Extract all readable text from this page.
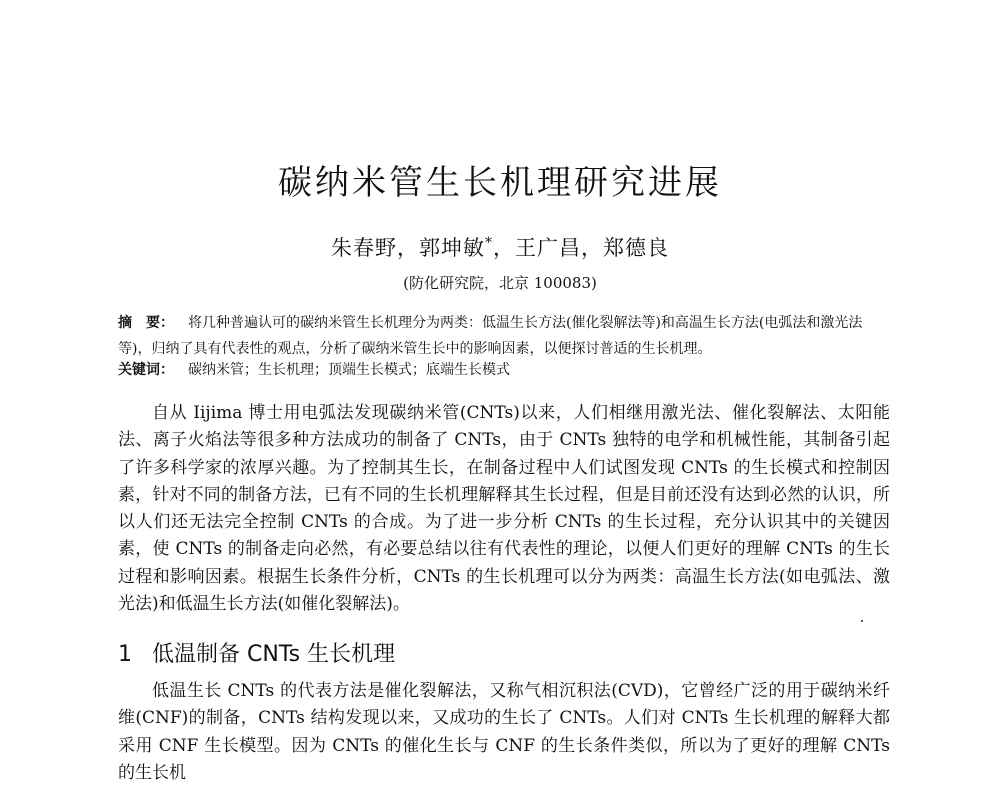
碳纳米管生长机理研究进展
朱春野，郭坤敏*，王广昌，郑德良
(防化研究院，北京 100083)
摘　要： 将几种普遍认可的碳纳米管生长机理分为两类：低温生长方法(催化裂解法等)和高温生长方法(电弧法和激光法等)，归纳了具有代表性的观点，分析了碳纳米管生长中的影响因素，以便探讨普适的生长机理。
关键词： 碳纳米管；生长机理；顶端生长模式；底端生长模式

自从 Iijima 博士用电弧法发现碳纳米管(CNTs)以来，人们相继用激光法、催化裂解法、太阳能法、离子火焰法等很多种方法成功的制备了 CNTs，由于 CNTs 独特的电学和机械性能，其制备引起了许多科学家的浓厚兴趣。为了控制其生长，在制备过程中人们试图发现 CNTs 的生长模式和控制因素，针对不同的制备方法，已有不同的生长机理解释其生长过程，但是目前还没有达到必然的认识，所以人们还无法完全控制 CNTs 的合成。为了进一步分析 CNTs 的生长过程，充分认识其中的关键因素，使 CNTs 的制备走向必然，有必要总结以往有代表性的理论，以便人们更好的理解 CNTs 的生长过程和影响因素。根据生长条件分析，CNTs 的生长机理可以分为两类：高温生长方法(如电弧法、激光法)和低温生长方法(如催化裂解法)。

1 低温制备 CNTs 生长机理

低温生长 CNTs 的代表方法是催化裂解法，又称气相沉积法(CVD)，它曾经广泛的用于碳纳米纤维(CNF)的制备，CNTs 结构发现以来，又成功的生长了 CNTs。人们对 CNTs 生长机理的解释大都采用 CNF 生长模型。因为 CNTs 的催化生长与 CNF 的生长条件类似，所以为了更好的理解 CNTs 的生长机
